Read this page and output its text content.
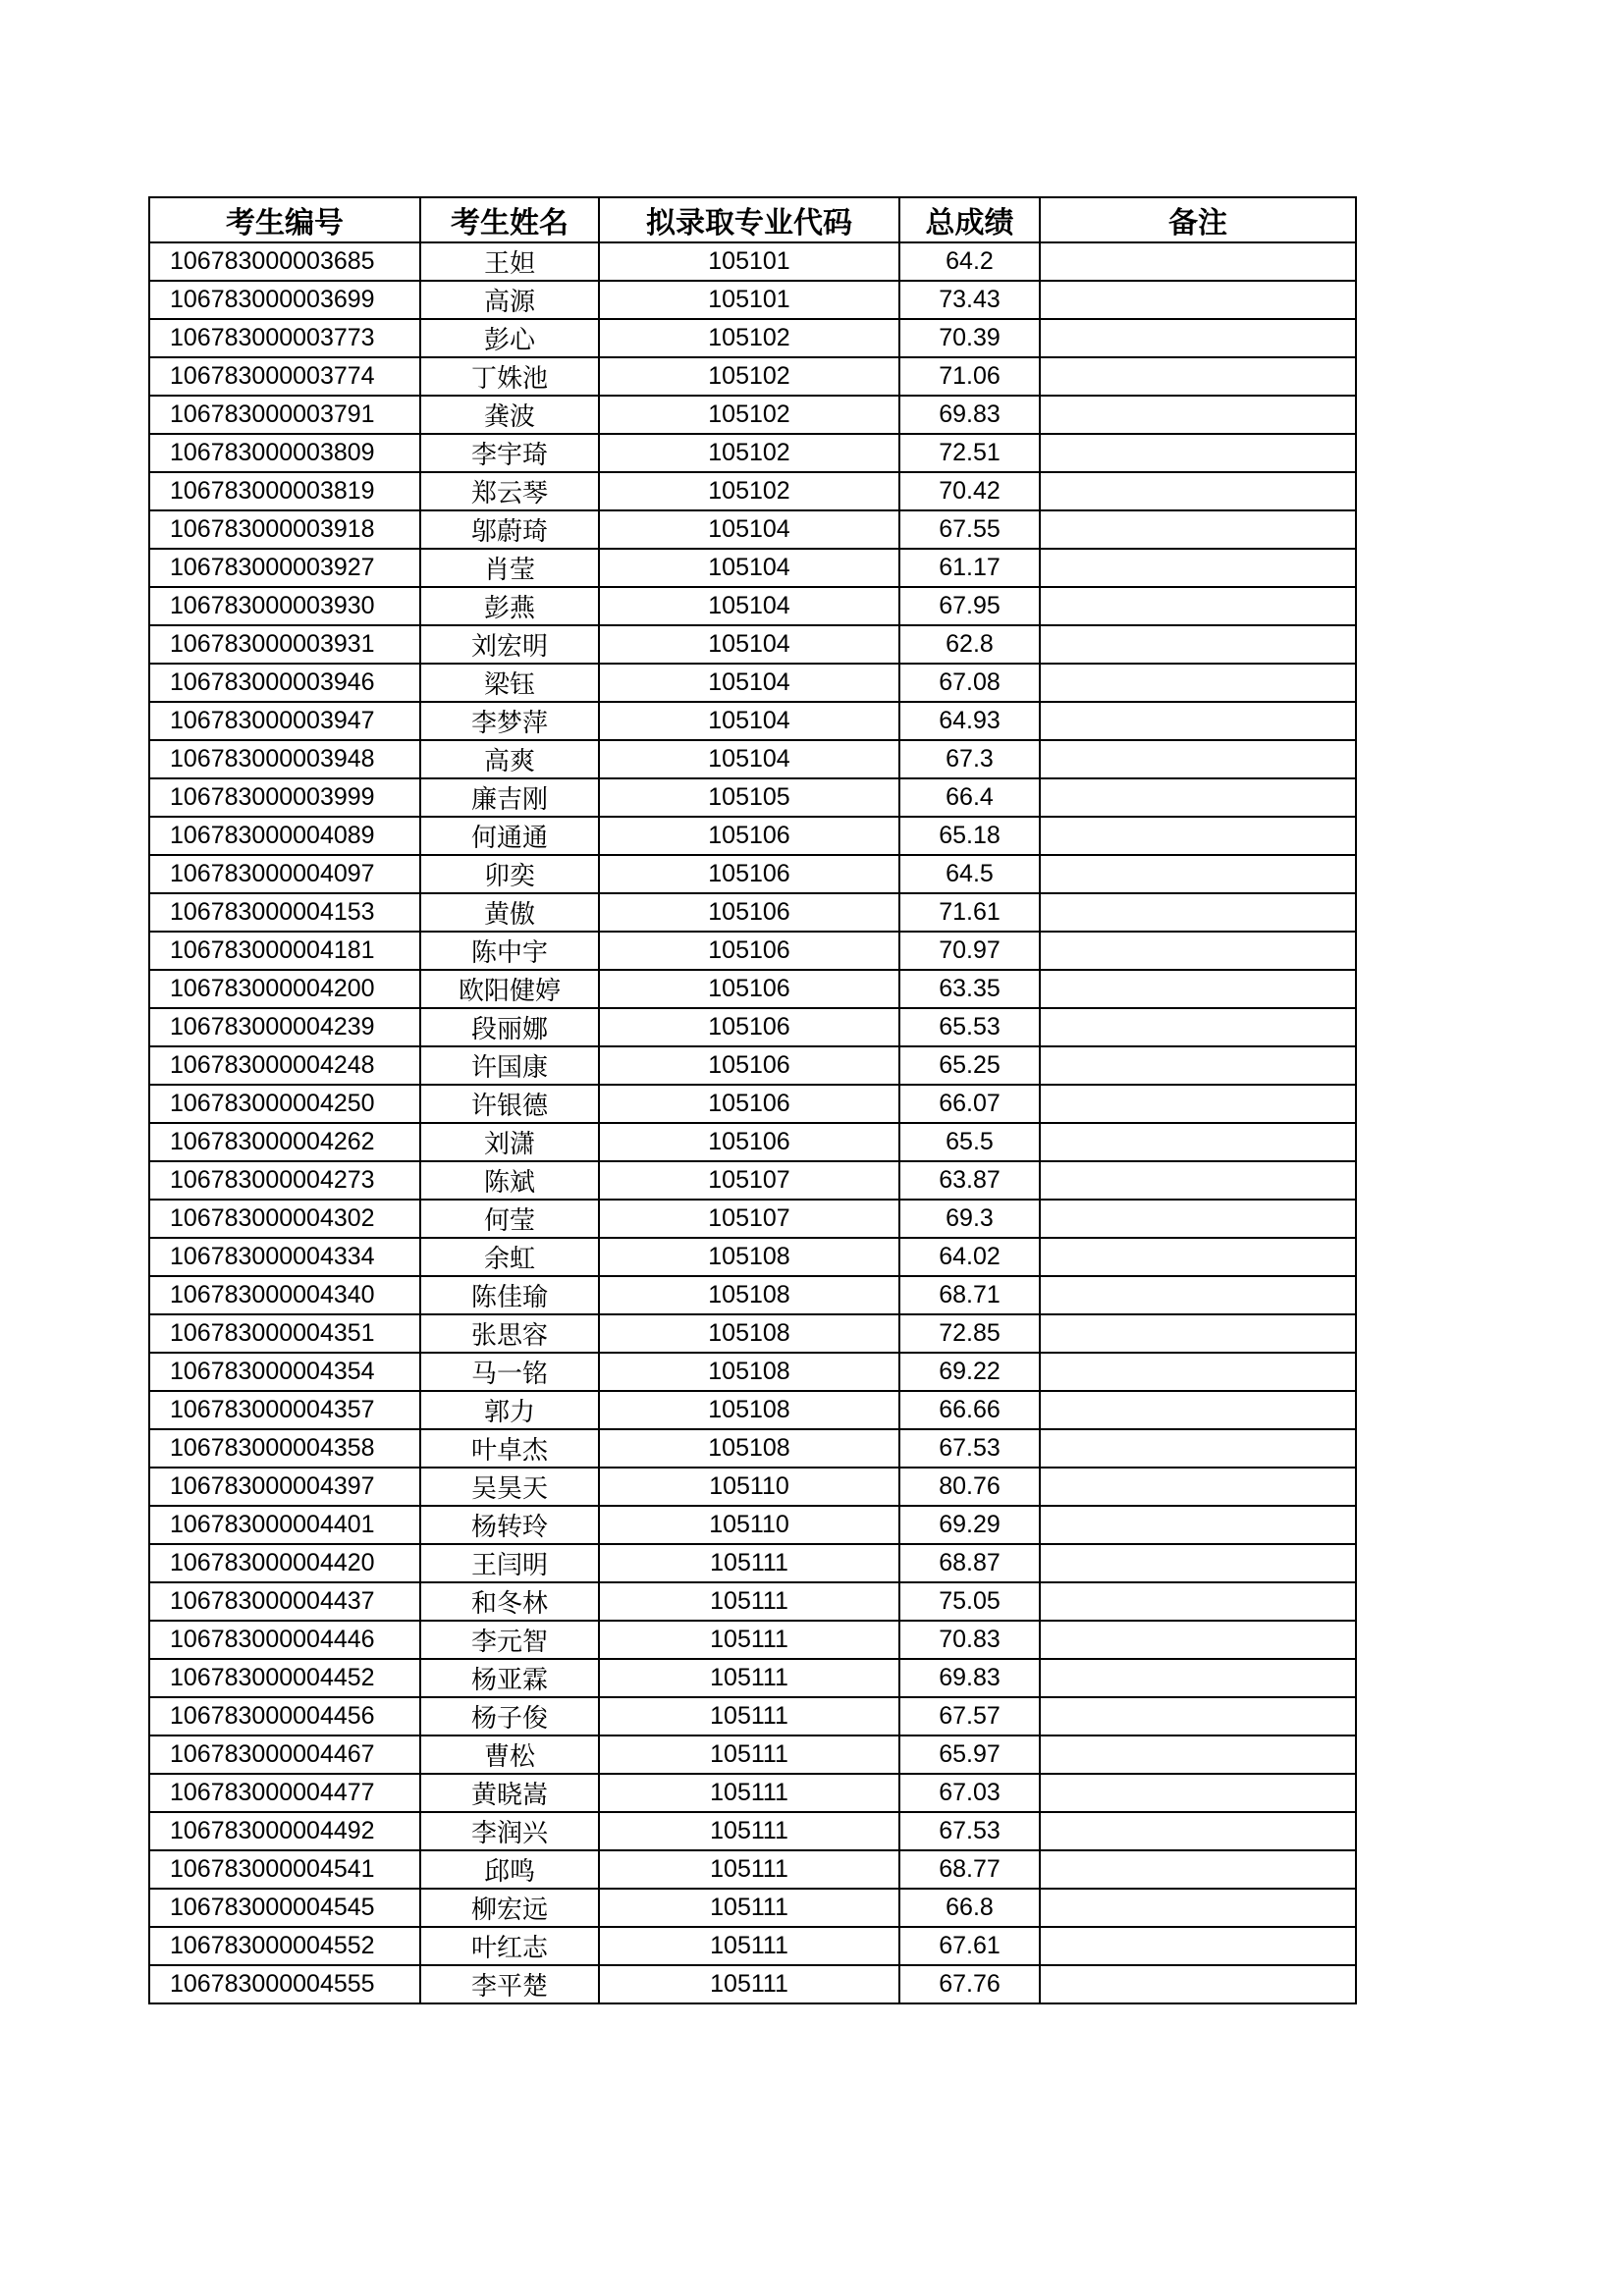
考生编号	考生姓名	拟录取专业代码	总成绩	备注
106783000003685	王妲	105101	64.2	
106783000003699	高源	105101	73.43	
106783000003773	彭心	105102	70.39	
106783000003774	丁姝池	105102	71.06	
106783000003791	龚波	105102	69.83	
106783000003809	李宇琦	105102	72.51	
106783000003819	郑云琴	105102	70.42	
106783000003918	邬蔚琦	105104	67.55	
106783000003927	肖莹	105104	61.17	
106783000003930	彭燕	105104	67.95	
106783000003931	刘宏明	105104	62.8	
106783000003946	梁钰	105104	67.08	
106783000003947	李梦萍	105104	64.93	
106783000003948	高爽	105104	67.3	
106783000003999	廉吉刚	105105	66.4	
106783000004089	何通通	105106	65.18	
106783000004097	卯奕	105106	64.5	
106783000004153	黄傲	105106	71.61	
106783000004181	陈中宇	105106	70.97	
106783000004200	欧阳健婷	105106	63.35	
106783000004239	段丽娜	105106	65.53	
106783000004248	许国康	105106	65.25	
106783000004250	许银德	105106	66.07	
106783000004262	刘潇	105106	65.5	
106783000004273	陈斌	105107	63.87	
106783000004302	何莹	105107	69.3	
106783000004334	余虹	105108	64.02	
106783000004340	陈佳瑜	105108	68.71	
106783000004351	张思容	105108	72.85	
106783000004354	马一铭	105108	69.22	
106783000004357	郭力	105108	66.66	
106783000004358	叶卓杰	105108	67.53	
106783000004397	吴昊天	105110	80.76	
106783000004401	杨转玲	105110	69.29	
106783000004420	王闫明	105111	68.87	
106783000004437	和冬林	105111	75.05	
106783000004446	李元智	105111	70.83	
106783000004452	杨亚霖	105111	69.83	
106783000004456	杨子俊	105111	67.57	
106783000004467	曹松	105111	65.97	
106783000004477	黄晓嵩	105111	67.03	
106783000004492	李润兴	105111	67.53	
106783000004541	邱鸣	105111	68.77	
106783000004545	柳宏远	105111	66.8	
106783000004552	叶红志	105111	67.61	
106783000004555	李平楚	105111	67.76	
